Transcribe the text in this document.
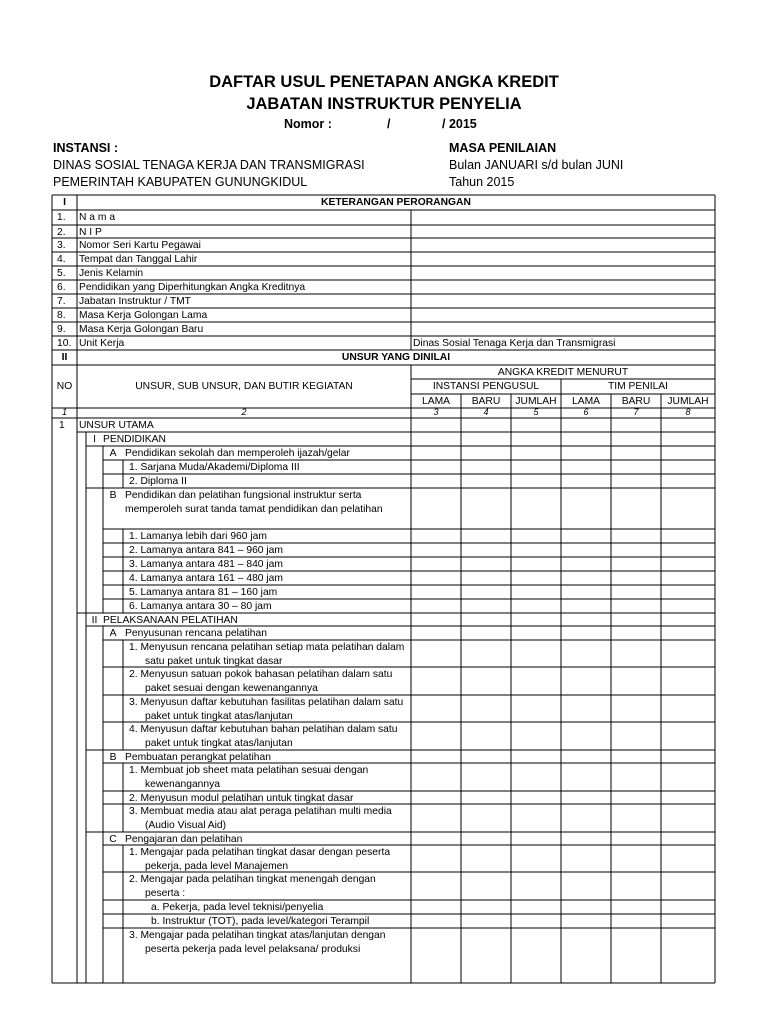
DAFTAR USUL PENETAPAN ANGKA KREDIT
JABATAN INSTRUKTUR PENYELIA
Nomor :	/	/ 2015
INSTANSI :
DINAS SOSIAL TENAGA KERJA DAN TRANSMIGRASI
PEMERINTAH KABUPATEN GUNUNGKIDUL
MASA PENILAIAN
Bulan JANUARI s/d bulan JUNI
Tahun 2015
I	KETERANGAN PERORANGAN
1.	N a m a
2.	N I P
3.	Nomor Seri Kartu Pegawai
4.	Tempat dan Tanggal Lahir
5.	Jenis Kelamin
6.	Pendidikan yang Diperhitungkan Angka Kreditnya
7.	Jabatan Instruktur / TMT
8.	Masa Kerja Golongan Lama
9.	Masa Kerja Golongan Baru
10. Unit Kerja	Dinas Sosial Tenaga Kerja dan Transmigrasi
II	UNSUR YANG DINILAI
NO	UNSUR, SUB UNSUR, DAN BUTIR KEGIATAN
ANGKA KREDIT MENURUT
INSTANSI PENGUSUL	TIM PENILAI
LAMA	BARU	JUMLAH	LAMA	BARU	JUMLAH
1	2	3	4	5	6	7	8
1	UNSUR UTAMA
I PENDIDIKAN
A Pendidikan sekolah dan memperoleh ijazah/gelar
1. Sarjana Muda/Akademi/Diploma III
2. Diploma II
B Pendidikan dan pelatihan fungsional instruktur serta memperoleh surat tanda tamat pendidikan dan pelatihan
1. Lamanya lebih dari 960 jam
2. Lamanya antara 841 – 960 jam
3. Lamanya antara 481 – 840 jam
4. Lamanya antara 161 – 480 jam
5. Lamanya antara 81 – 160 jam
6. Lamanya antara 30 – 80 jam
II PELAKSANAAN PELATIHAN
A Penyusunan rencana pelatihan
1. Menyusun rencana pelatihan setiap mata pelatihan dalam satu paket untuk tingkat dasar
2. Menyusun satuan pokok bahasan pelatihan dalam satu paket sesuai dengan kewenangannya
3. Menyusun daftar kebutuhan fasilitas pelatihan dalam satu paket untuk tingkat atas/lanjutan
4. Menyusun daftar kebutuhan bahan pelatihan dalam satu paket untuk tingkat atas/lanjutan
B Pembuatan perangkat pelatihan
1. Membuat job sheet mata pelatihan sesuai dengan kewenangannya
2. Menyusun modul pelatihan untuk tingkat dasar
3. Membuat media atau alat peraga pelatihan multi media (Audio Visual Aid)
C Pengajaran dan pelatihan
1. Mengajar pada pelatihan tingkat dasar dengan peserta pekerja, pada level Manajemen
2. Mengajar pada pelatihan tingkat menengah dengan peserta :
a. Pekerja, pada level teknisi/penyelia
b. Instruktur (TOT), pada level/kategori Terampil
3. Mengajar pada pelatihan tingkat atas/lanjutan dengan peserta pekerja pada level pelaksana/ produksi
